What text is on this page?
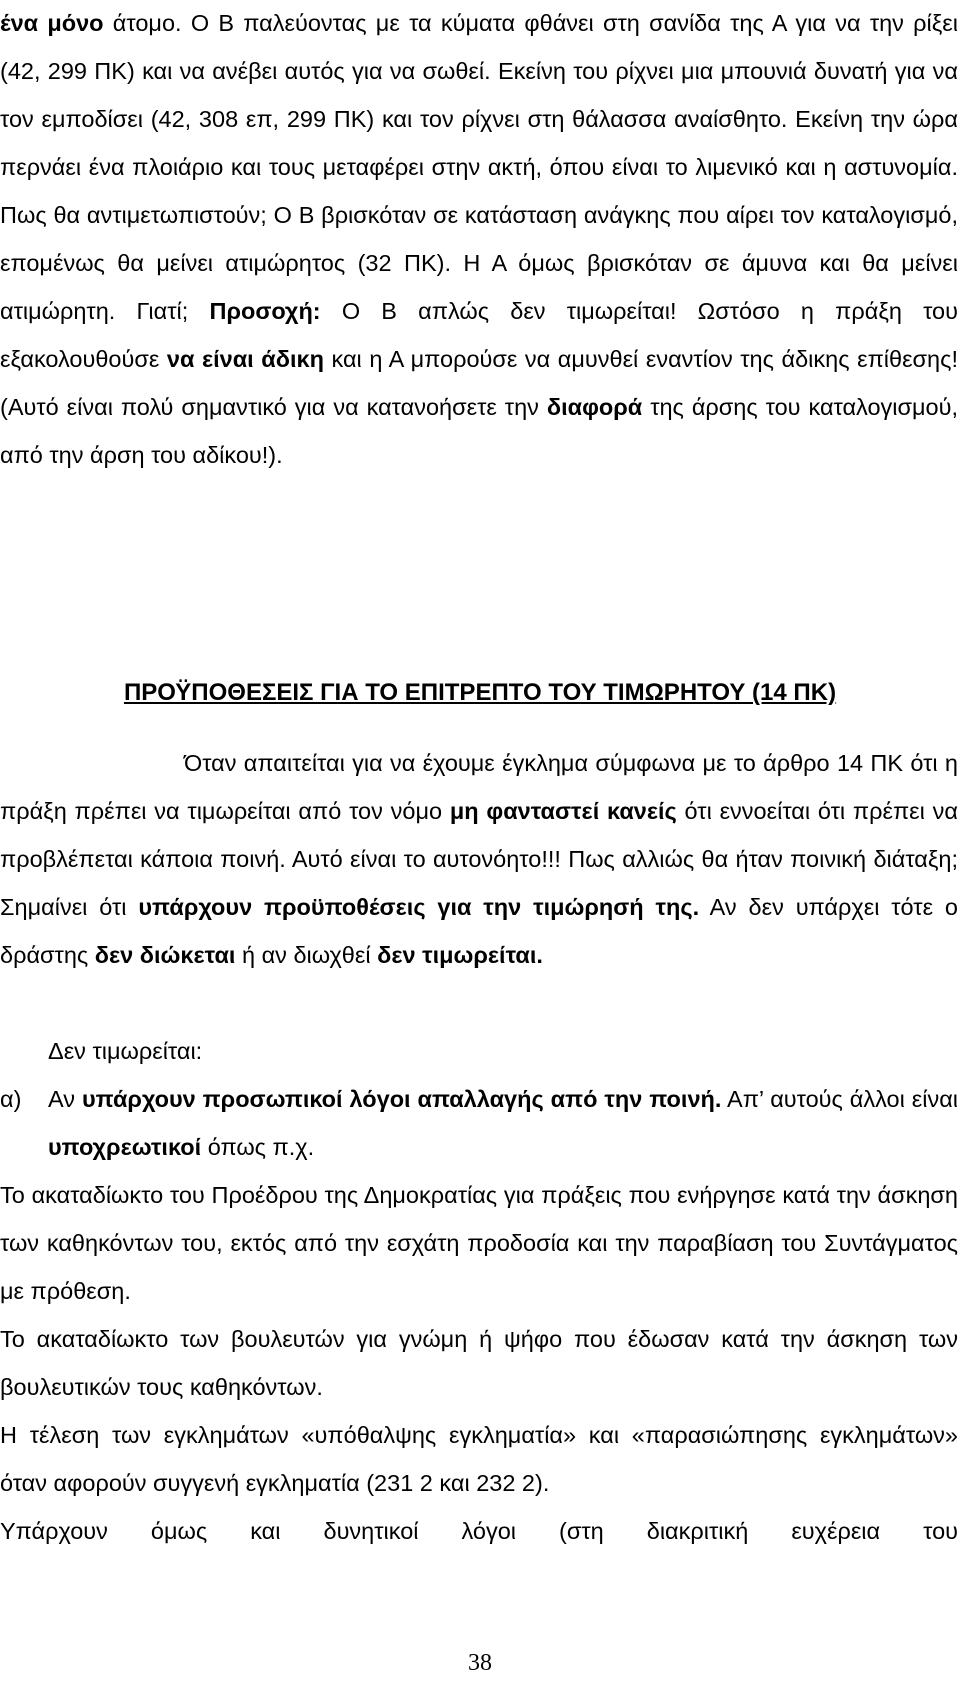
ένα μόνο άτομο. Ο Β παλεύοντας με τα κύματα φθάνει στη σανίδα της Α για να την ρίξει (42, 299 ΠΚ) και να ανέβει αυτός για να σωθεί. Εκείνη του ρίχνει μια μπουνιά δυνατή για να τον εμποδίσει (42, 308 επ, 299 ΠΚ) και τον ρίχνει στη θάλασσα αναίσθητο. Εκείνη την ώρα περνάει ένα πλοιάριο και τους μεταφέρει στην ακτή, όπου είναι το λιμενικό και η αστυνομία. Πως θα αντιμετωπιστούν; Ο Β βρισκόταν σε κατάσταση ανάγκης που αίρει τον καταλογισμό, επομένως θα μείνει ατιμώρητος (32 ΠΚ). Η Α όμως βρισκόταν σε άμυνα και θα μείνει ατιμώρητη. Γιατί; Προσοχή: Ο Β απλώς δεν τιμωρείται! Ωστόσο η πράξη του εξακολουθούσε να είναι άδικη και η Α μπορούσε να αμυνθεί εναντίον της άδικης επίθεσης! (Αυτό είναι πολύ σημαντικό για να κατανοήσετε την διαφορά της άρσης του καταλογισμού, από την άρση του αδίκου!).

ΠΡΟΫΠΟΘΕΣΕΙΣ ΓΙΑ ΤΟ ΕΠΙΤΡΕΠΤΟ ΤΟΥ ΤΙΜΩΡΗΤΟΥ (14 ΠΚ)

Όταν απαιτείται για να έχουμε έγκλημα σύμφωνα με το άρθρο 14 ΠΚ ότι η πράξη πρέπει να τιμωρείται από τον νόμο μη φανταστεί κανείς ότι εννοείται ότι πρέπει να προβλέπεται κάποια ποινή. Αυτό είναι το αυτονόητο!!! Πως αλλιώς θα ήταν ποινική διάταξη; Σημαίνει ότι υπάρχουν προϋποθέσεις για την τιμώρησή της. Αν δεν υπάρχει τότε ο δράστης δεν διώκεται ή αν διωχθεί δεν τιμωρείται.

Δεν τιμωρείται:

α) Αν υπάρχουν προσωπικοί λόγοι απαλλαγής από την ποινή. Απ’ αυτούς άλλοι είναι υποχρεωτικοί όπως π.χ.

Το ακαταδίωκτο του Προέδρου της Δημοκρατίας για πράξεις που ενήργησε κατά την άσκηση των καθηκόντων του, εκτός από την εσχάτη προδοσία και την παραβίαση του Συντάγματος με πρόθεση.

Το ακαταδίωκτο των βουλευτών για γνώμη ή ψήφο που έδωσαν κατά την άσκηση των βουλευτικών τους καθηκόντων.

Η τέλεση των εγκλημάτων «υπόθαλψης εγκληματία» και «παρασιώπησης εγκλημάτων» όταν αφορούν συγγενή εγκληματία (231 2 και 232 2).

Υπάρχουν όμως και δυνητικοί λόγοι (στη διακριτική ευχέρεια του

38
